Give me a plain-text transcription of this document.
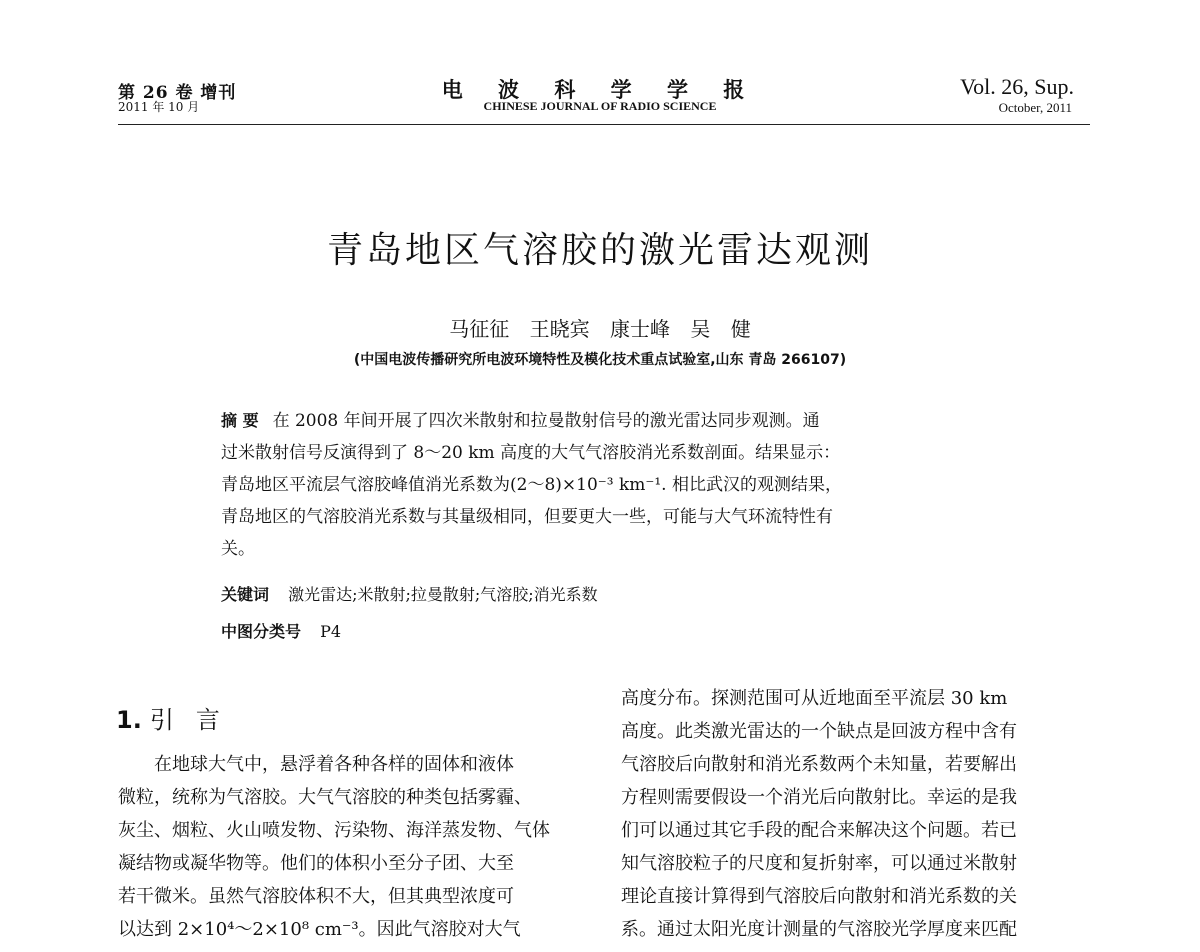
第 26 卷 增刊
2011 年 10 月
电 波 科 学 学 报
CHINESE JOURNAL OF RADIO SCIENCE
Vol. 26, Sup.
October, 2011
青岛地区气溶胶的激光雷达观测
马征征 王晓宾 康士峰 吴 健
(中国电波传播研究所电波环境特性及模化技术重点试验室,山东 青岛 266107)
摘 要 在 2008 年间开展了四次米散射和拉曼散射信号的激光雷达同步观测。通
过米散射信号反演得到了 8～20 km 高度的大气气溶胶消光系数剖面。结果显示：
青岛地区平流层气溶胶峰值消光系数为(2～8)×10⁻³ km⁻¹. 相比武汉的观测结果，
青岛地区的气溶胶消光系数与其量级相同，但要更大一些，可能与大气环流特性有
关。
关键词 激光雷达;米散射;拉曼散射;气溶胶;消光系数
中图分类号 P4
1. 引言
　　在地球大气中，悬浮着各种各样的固体和液体
微粒，统称为气溶胶。大气气溶胶的种类包括雾霾、
灰尘、烟粒、火山喷发物、污染物、海洋蒸发物、气体
凝结物或凝华物等。他们的体积小至分子团、大至
若干微米。虽然气溶胶体积不大，但其典型浓度可
以达到 2×10⁴～2×10⁸ cm⁻³。因此气溶胶对大气
高度分布。探测范围可从近地面至平流层 30 km
高度。此类激光雷达的一个缺点是回波方程中含有
气溶胶后向散射和消光系数两个未知量，若要解出
方程则需要假设一个消光后向散射比。幸运的是我
们可以通过其它手段的配合来解决这个问题。若已
知气溶胶粒子的尺度和复折射率，可以通过米散射
理论直接计算得到气溶胶后向散射和消光系数的关
系。通过太阳光度计测量的气溶胶光学厚度来匹配
